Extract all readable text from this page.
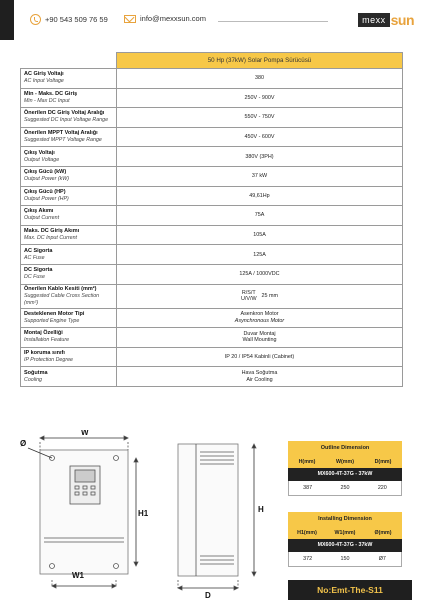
+90 543 509 76 59	info@mexxsun.com	mexx sun
	50 Hp (37kW) Solar Pompa Sürücüsü

AC Giriş Voltajı
AC Input Voltage	380

Min - Maks. DC Giriş
Min - Max DC Input	250V - 900V

Önerilen DC Giriş Voltaj Aralığı
Suggested DC Input Voltage Range	550V - 750V

Önerilen MPPT Voltaj Aralığı
Suggested MPPT Voltage Range	450V - 600V

Çıkış Voltajı
Output Voltage	380V (3PH)

Çıkış Gücü (kW)
Output Power (kW)	37 kW

Çıkış Gücü (HP)
Output Power (HP)	49,61Hp

Çıkış Akımı
Output Current	75A

Maks. DC Giriş Akımı
Max. DC Input Current	105A

AC Sigorta
AC Fuse	125A

DC Sigorta
DC Fuse	125A / 1000VDC

Önerilen Kablo Kesiti (mm²)
Suggested Cable Cross Section (mm²)	R/S/T
U/V/W 25 mm

Desteklenen Motor Tipi
Supported Engine Type	Asenkron Motor
Asynchronous Motor

Montaj Özelliği
Installation Feature	Duvar Montaj
Wall Mounting

IP koruma sınıfı
IP Protection Degree	IP 20 / IP54 Kabinli (Cabinet)

Soğutma
Cooling	Hava Soğutma
Air Cooling
W
H1
W1
Ø
H
D
Outline Dimension
H(mm)	W(mm)	D(mm)
MX600-4T-37G - 37kW
387	250	220
Installing Dimension
H1(mm)	W1(mm)	Ø(mm)
MX600-4T-37G - 37kW
372	150	Ø7
No:Emt-The-S11
